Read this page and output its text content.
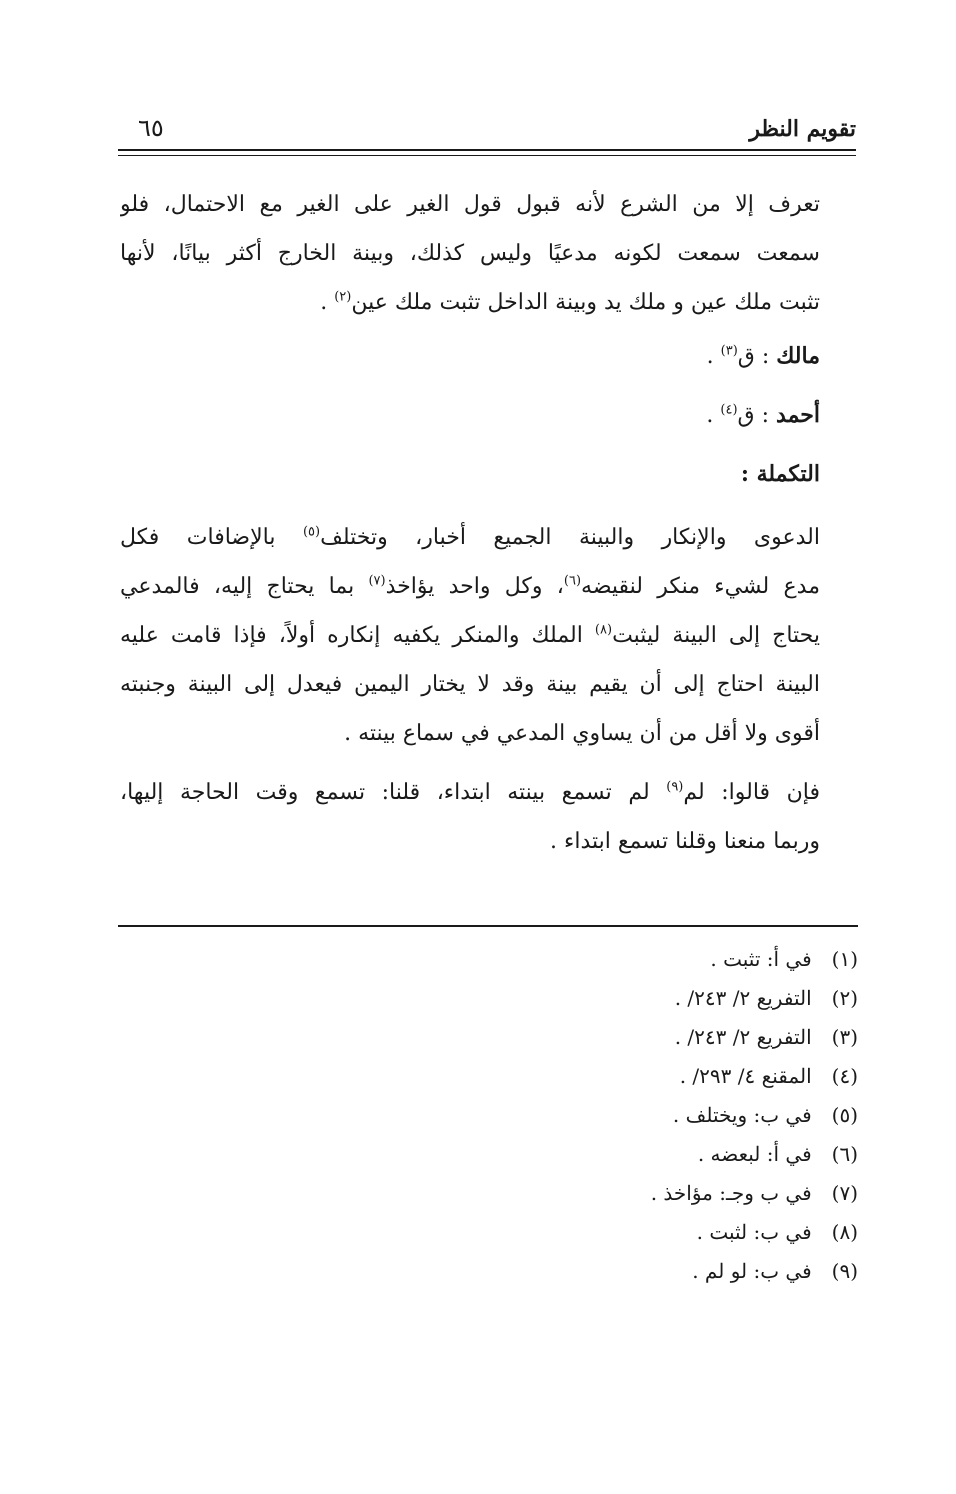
تقويم النظر
٦٥
تعرف إلا من الشرع لأنه قبول قول الغير على الغير مع الاحتمال، فلو
سمعت سمعت لكونه مدعيًا وليس كذلك، وبينة الخارج أكثر بيانًا، لأنها
تثبت ملك عين و ملك يد وبينة الداخل تثبت ملك عين$^{(٢)}$ .
مالك : ق$^{(٣)}$ .
أحمد : ق$^{(٤)}$ .
التكملة :
الدعوى والإنكار والبينة الجميع أخبار، وتختلف$^{(٥)}$ بالإضافات فكل
مدع لشيء منكر لنقيضه$^{(٦)}$، وكل واحد يؤاخذ$^{(٧)}$ بما يحتاج إليه، فالمدعي
يحتاج إلى البينة ليثبت$^{(٨)}$ الملك والمنكر يكفيه إنكاره أولاً، فإذا قامت عليه
البينة احتاج إلى أن يقيم بينة وقد لا يختار اليمين فيعدل إلى البينة وجنبته
أقوى ولا أقل من أن يساوي المدعي في سماع بينته .
فإن قالوا: لم$^{(٩)}$ لم تسمع بينته ابتداء، قلنا: تسمع وقت الحاجة إليها،
وربما منعنا وقلنا تسمع ابتداء .
(١) في أ: تثبت .
(٢) التفريع ٢/ ٢٤٣/ .
(٣) التفريع ٢/ ٢٤٣/ .
(٤) المقنع ٤/ ٢٩٣/ .
(٥) في ب: ويختلف .
(٦) في أ: لبعضه .
(٧) في ب وجـ: مؤاخذ .
(٨) في ب: لثبت .
(٩) في ب: لو لم .
